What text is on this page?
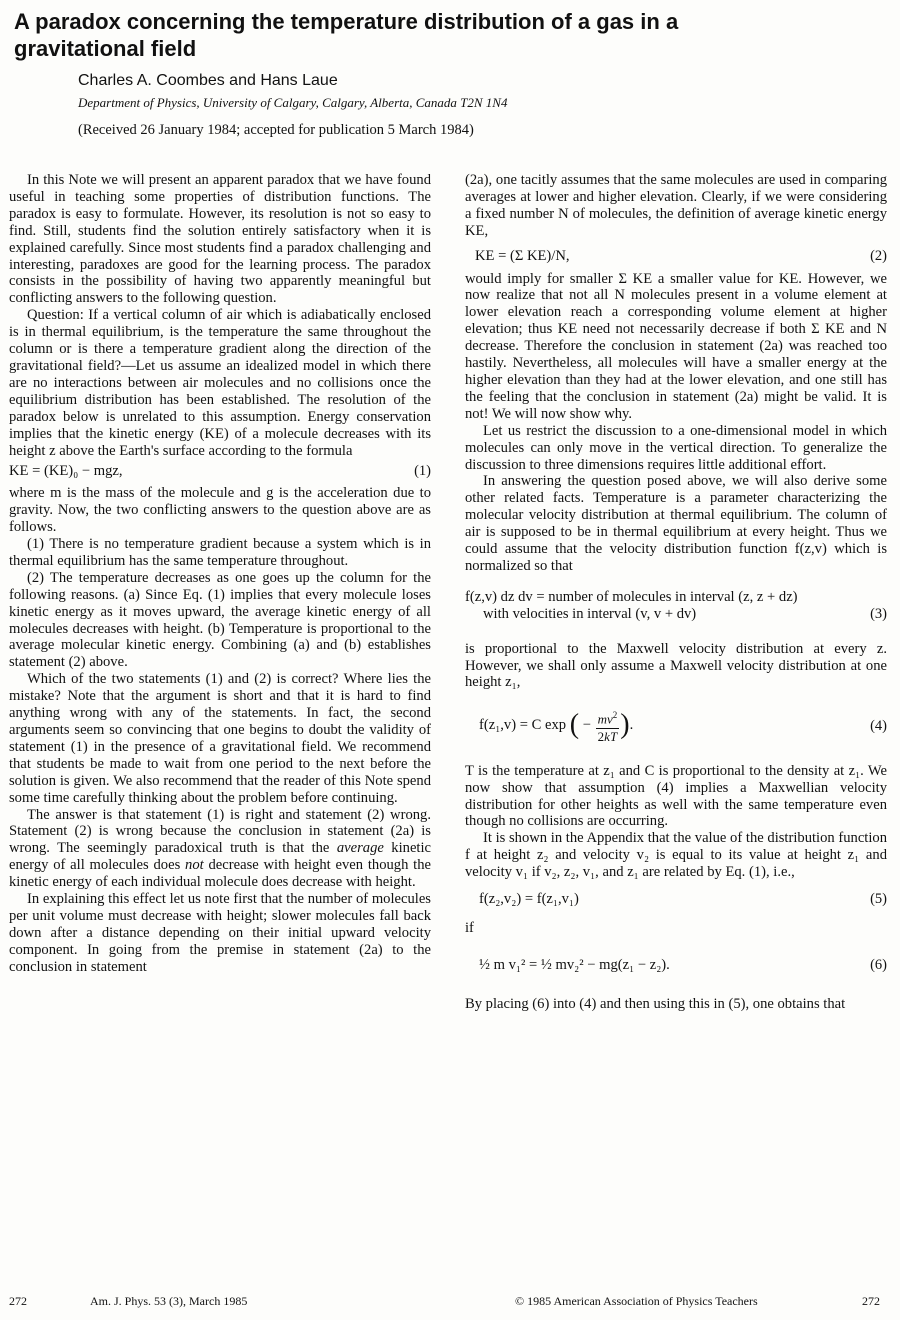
A paradox concerning the temperature distribution of a gas in a gravitational field
Charles A. Coombes and Hans Laue
Department of Physics, University of Calgary, Calgary, Alberta, Canada T2N 1N4
(Received 26 January 1984; accepted for publication 5 March 1984)

In this Note we will present an apparent paradox that we have found useful in teaching some properties of distribution functions. The paradox is easy to formulate. However, its resolution is not so easy to find. Still, students find the solution entirely satisfactory when it is explained carefully. Since most students find a paradox challenging and interesting, paradoxes are good for the learning process. The paradox consists in the possibility of having two apparently meaningful but conflicting answers to the following question.

Question: If a vertical column of air which is adiabatically enclosed is in thermal equilibrium, is the temperature the same throughout the column or is there a temperature gradient along the direction of the gravitational field?—Let us assume an idealized model in which there are no interactions between air molecules and no collisions once the equilibrium distribution has been established. The resolution of the paradox below is unrelated to this assumption. Energy conservation implies that the kinetic energy (KE) of a molecule decreases with its height z above the Earth's surface according to the formula

KE = (KE)₀ − mgz,	(1)

where m is the mass of the molecule and g is the acceleration due to gravity. Now, the two conflicting answers to the question above are as follows.

(1) There is no temperature gradient because a system which is in thermal equilibrium has the same temperature throughout.

(2) The temperature decreases as one goes up the column for the following reasons. (a) Since Eq. (1) implies that every molecule loses kinetic energy as it moves upward, the average kinetic energy of all molecules decreases with height. (b) Temperature is proportional to the average molecular kinetic energy. Combining (a) and (b) establishes statement (2) above.

Which of the two statements (1) and (2) is correct? Where lies the mistake? Note that the argument is short and that it is hard to find anything wrong with any of the statements. In fact, the second arguments seem so convincing that one begins to doubt the validity of statement (1) in the presence of a gravitational field. We recommend that students be made to wait from one period to the next before the solution is given. We also recommend that the reader of this Note spend some time carefully thinking about the problem before continuing.

The answer is that statement (1) is right and statement (2) wrong. Statement (2) is wrong because the conclusion in statement (2a) is wrong. The seemingly paradoxical truth is that the average kinetic energy of all molecules does not decrease with height even though the kinetic energy of each individual molecule does decrease with height.

In explaining this effect let us note first that the number of molecules per unit volume must decrease with height; slower molecules fall back down after a distance depending on their initial upward velocity component. In going from the premise in statement (2a) to the conclusion in statement

(2a), one tacitly assumes that the same molecules are used in comparing averages at lower and higher elevation. Clearly, if we were considering a fixed number N of molecules, the definition of average kinetic energy KE,

KE = (Σ KE)/N,	(2)

would imply for smaller Σ KE a smaller value for KE. However, we now realize that not all N molecules present in a volume element at lower elevation reach a corresponding volume element at higher elevation; thus KE need not necessarily decrease if both Σ KE and N decrease. Therefore the conclusion in statement (2a) was reached too hastily. Nevertheless, all molecules will have a smaller energy at the higher elevation than they had at the lower elevation, and one still has the feeling that the conclusion in statement (2a) might be valid. It is not! We will now show why.

Let us restrict the discussion to a one-dimensional model in which molecules can only move in the vertical direction. To generalize the discussion to three dimensions requires little additional effort.

In answering the question posed above, we will also derive some other related facts. Temperature is a parameter characterizing the molecular velocity distribution at thermal equilibrium. The column of air is supposed to be in thermal equilibrium at every height. Thus we could assume that the velocity distribution function f(z,v) which is normalized so that

f(z,v) dz dv = number of molecules in interval (z, z + dz)
with velocities in interval (v, v + dv)	(3)

is proportional to the Maxwell velocity distribution at every z. However, we shall only assume a Maxwell velocity distribution at one height z₁,

f(z₁,v) = C exp ( − $\frac{mv^2}{2kT}$ ).	(4)

T is the temperature at z₁ and C is proportional to the density at z₁. We now show that assumption (4) implies a Maxwellian velocity distribution for other heights as well with the same temperature even though no collisions are occurring.

It is shown in the Appendix that the value of the distribution function f at height z₂ and velocity v₂ is equal to its value at height z₁ and velocity v₁ if v₂, z₂, v₁, and z₁ are related by Eq. (1), i.e.,

f(z₂,v₂) = f(z₁,v₁)	(5)
if
½ m v₁² = ½ mv₂² − mg(z₁ − z₂).	(6)

By placing (6) into (4) and then using this in (5), one obtains that

272	Am. J. Phys. 53 (3), March 1985	© 1985 American Association of Physics Teachers	272
